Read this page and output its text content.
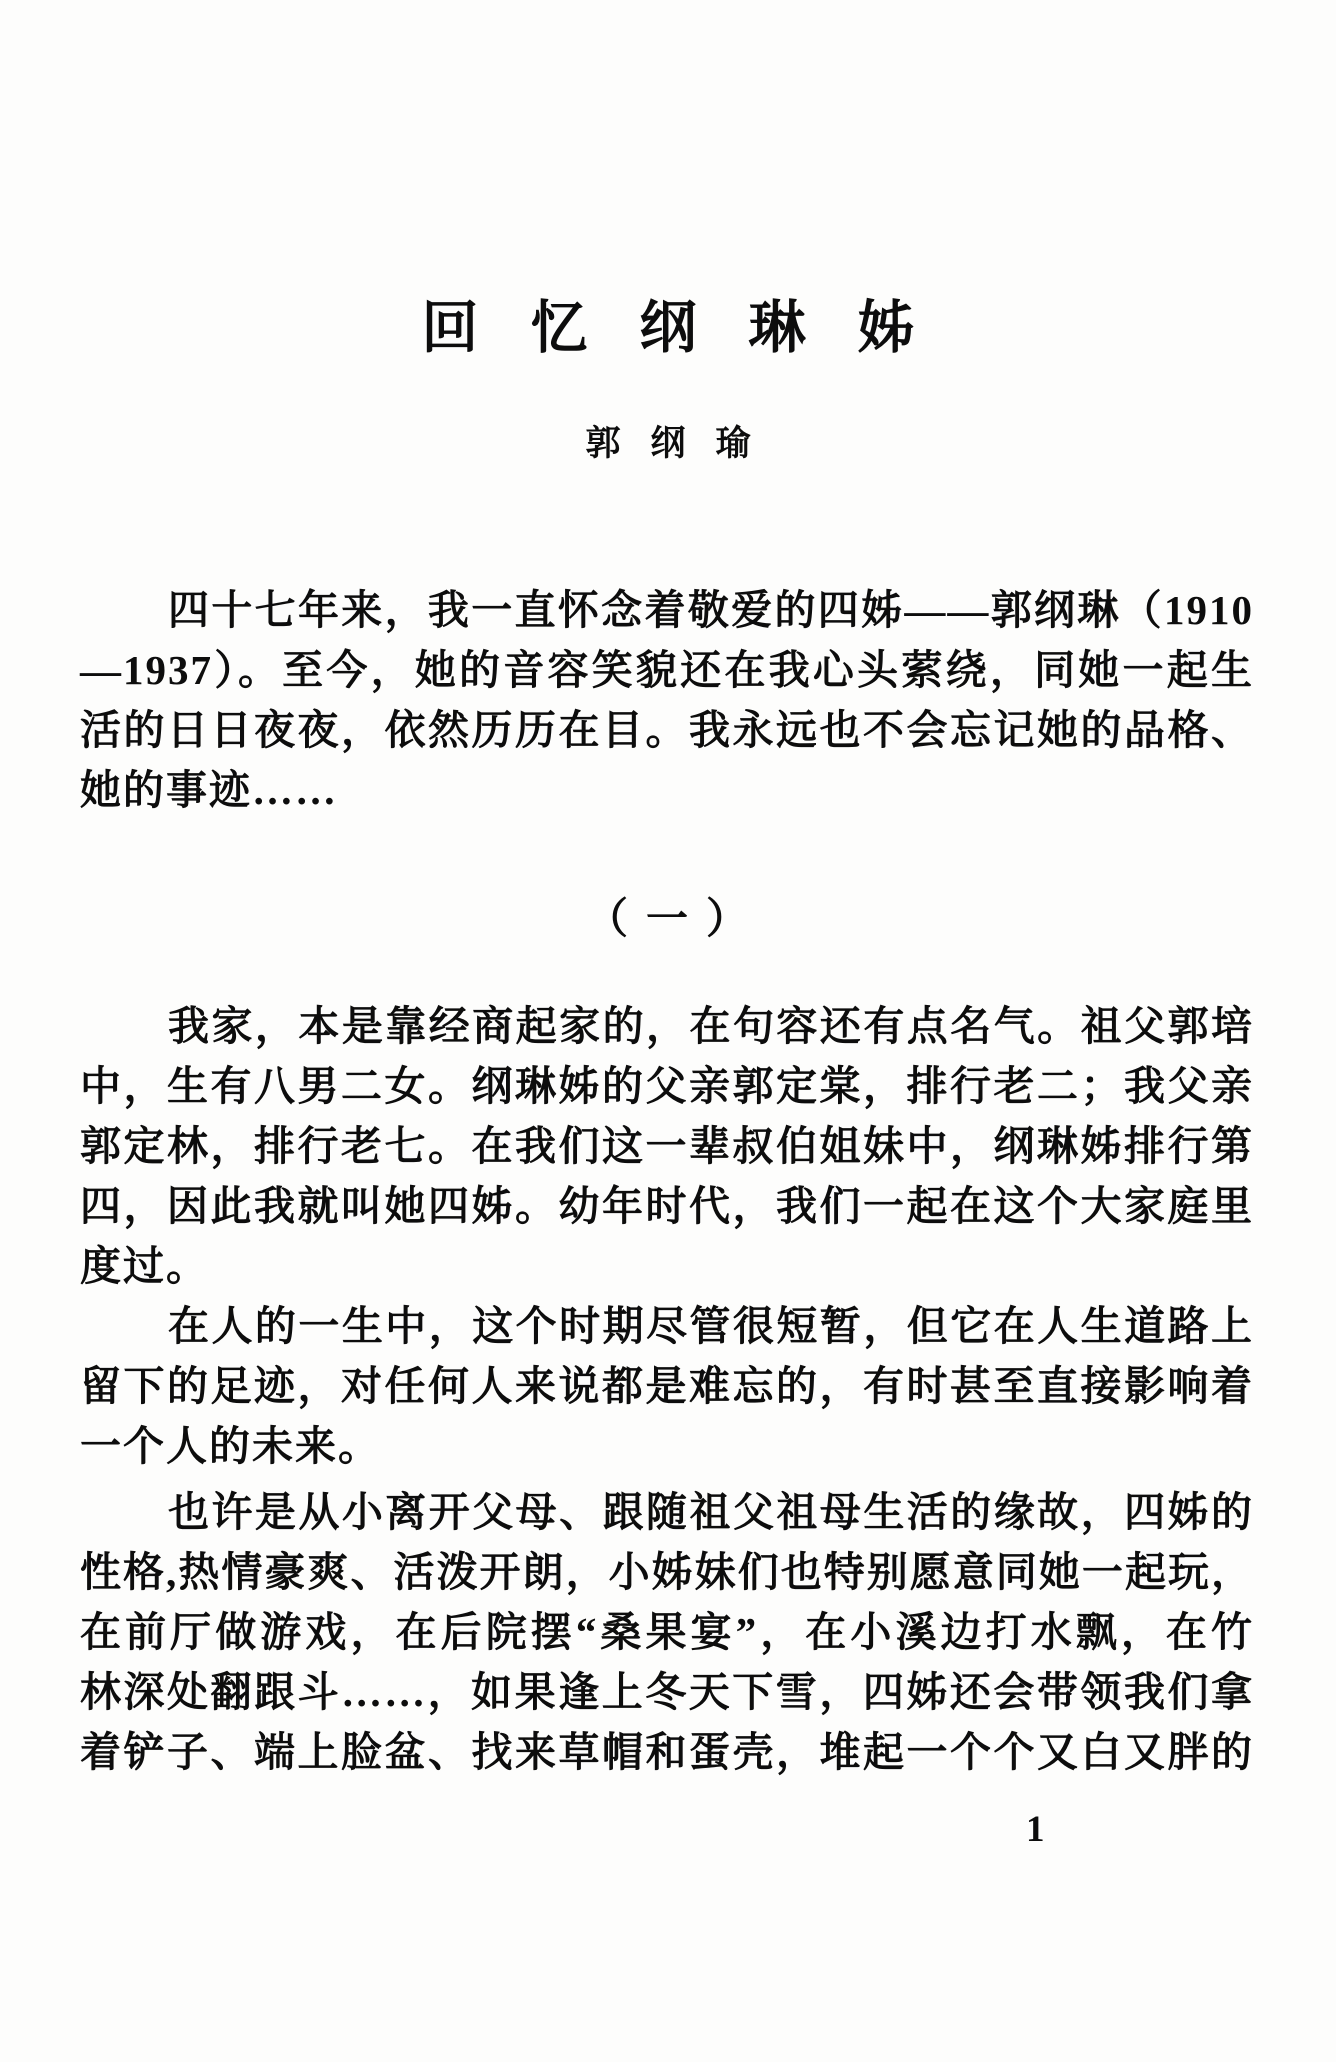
回忆纲琳姊
郭纲瑜
四十七年来，我一直怀念着敬爱的四姊——郭纲琳（1910
—1937）。至今，她的音容笑貌还在我心头萦绕，同她一起生
活的日日夜夜，依然历历在目。我永远也不会忘记她的品格、
她的事迹……
（一）
我家，本是靠经商起家的，在句容还有点名气。祖父郭培
中，生有八男二女。纲琳姊的父亲郭定棠，排行老二；我父亲
郭定林，排行老七。在我们这一辈叔伯姐妹中，纲琳姊排行第
四，因此我就叫她四姊。幼年时代，我们一起在这个大家庭里
度过。
在人的一生中，这个时期尽管很短暂，但它在人生道路上
留下的足迹，对任何人来说都是难忘的，有时甚至直接影响着
一个人的未来。
也许是从小离开父母、跟随祖父祖母生活的缘故，四姊的
性格,热情豪爽、活泼开朗，小姊妹们也特别愿意同她一起玩，
在前厅做游戏，在后院摆“桑果宴”，在小溪边打水飘，在竹
林深处翻跟斗……，如果逢上冬天下雪，四姊还会带领我们拿
着铲子、端上脸盆、找来草帽和蛋壳，堆起一个个又白又胖的
1
